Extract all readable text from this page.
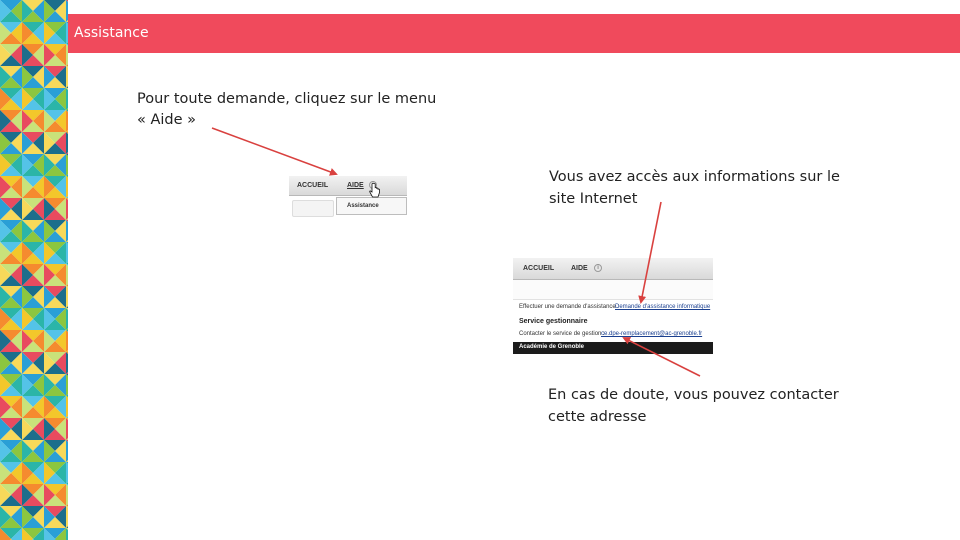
Assistance
Pour toute demande, cliquez sur le menu
« Aide »
Vous avez accès aux informations sur le
site Internet
En cas de doute, vous pouvez contacter
cette adresse
ACCUEIL	AIDE
Assistance
ACCUEIL AIDE	i
Effectuer une demande d'assistance :
Demande d'assistance informatique
Service gestionnaire
Contacter le service de gestion :
ce.dpe-remplacement@ac-grenoble.fr
Académie de Grenoble
